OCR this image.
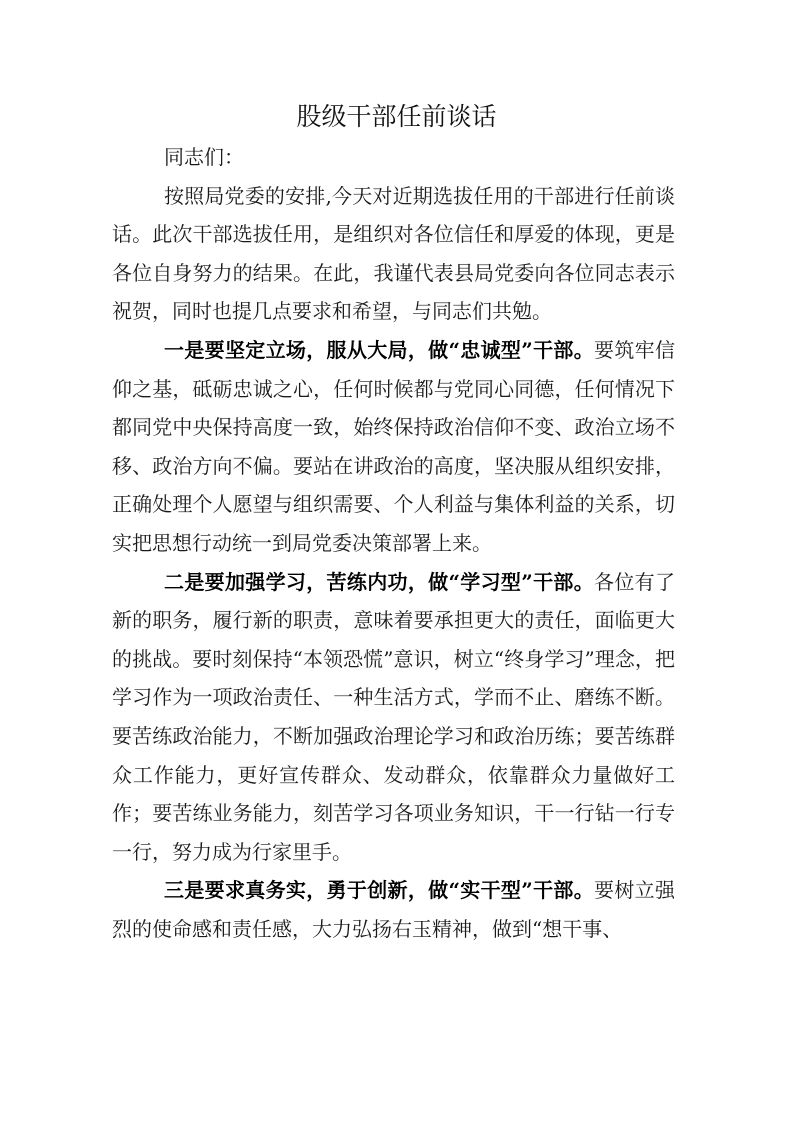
股级干部任前谈话

同志们：

按照局党委的安排,今天对近期选拔任用的干部进行任前谈话。此次干部选拔任用，是组织对各位信任和厚爱的体现，更是各位自身努力的结果。在此，我谨代表县局党委向各位同志表示祝贺，同时也提几点要求和希望，与同志们共勉。

一是要坚定立场，服从大局，做“忠诚型”干部。要筑牢信仰之基，砥砺忠诚之心，任何时候都与党同心同德，任何情况下都同党中央保持高度一致，始终保持政治信仰不变、政治立场不移、政治方向不偏。要站在讲政治的高度，坚决服从组织安排，正确处理个人愿望与组织需要、个人利益与集体利益的关系，切实把思想行动统一到局党委决策部署上来。

二是要加强学习，苦练内功，做“学习型”干部。各位有了新的职务，履行新的职责，意味着要承担更大的责任，面临更大的挑战。要时刻保持“本领恐慌”意识，树立“终身学习”理念，把学习作为一项政治责任、一种生活方式，学而不止、磨练不断。要苦练政治能力，不断加强政治理论学习和政治历练；要苦练群众工作能力，更好宣传群众、发动群众，依靠群众力量做好工作；要苦练业务能力，刻苦学习各项业务知识，干一行钻一行专一行，努力成为行家里手。

三是要求真务实，勇于创新，做“实干型”干部。要树立强烈的使命感和责任感，大力弘扬右玉精神，做到“想干事、
